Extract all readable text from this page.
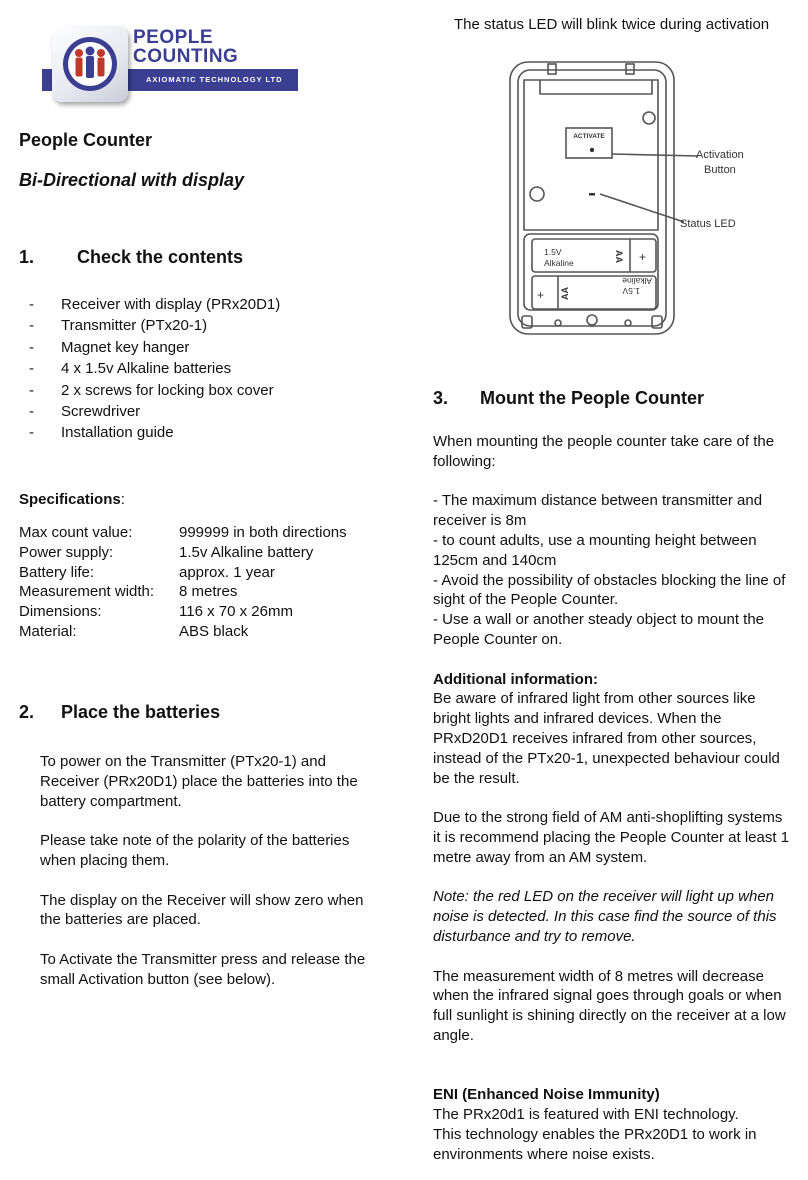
AXIOMATIC TECHNOLOGY LTD
PEOPLE
COUNTING
People Counter
Bi-Directional with display
1. Check the contents
- Receiver with display (PRx20D1)
- Transmitter (PTx20-1)
- Magnet key hanger
- 4 x 1.5v Alkaline batteries
- 2 x screws for locking box cover
- Screwdriver
- Installation guide
Specifications:
Max count value:	999999 in both directions
Power supply:	1.5v Alkaline battery
Battery life:	approx. 1 year
Measurement width: 8 metres
Dimensions:	116 x 70 x 26mm
Material:	ABS black
2. Place the batteries
To power on the Transmitter (PTx20-1) and
Receiver (PRx20D1) place the batteries into the
battery compartment.
Please take note of the polarity of the batteries
when placing them.
The display on the Receiver will show zero when
the batteries are placed.
To Activate the Transmitter press and release the
small Activation button (see below).
The status LED will blink twice during activation
ACTIVATE
Activation
Button
Status LED
1.5V
Alkaline	AA +
1.5V
Alkaline
AA
+
3. Mount the People Counter
When mounting the people counter take care of the
following:
- The maximum distance between transmitter and
receiver is 8m
- to count adults, use a mounting height between
125cm and 140cm
- Avoid the possibility of obstacles blocking the line of
sight of the People Counter.
- Use a wall or another steady object to mount the
People Counter on.
Additional information:
Be aware of infrared light from other sources like
bright lights and infrared devices. When the
PRxD20D1 receives infrared from other sources,
instead of the PTx20-1, unexpected behaviour could
be the result.
Due to the strong field of AM anti-shoplifting systems
it is recommend placing the People Counter at least 1
metre away from an AM system.
Note: the red LED on the receiver will light up when
noise is detected. In this case find the source of this
disturbance and try to remove.
The measurement width of 8 metres will decrease
when the infrared signal goes through goals or when
full sunlight is shining directly on the receiver at a low
angle.
ENI (Enhanced Noise Immunity)
The PRx20d1 is featured with ENI technology.
This technology enables the PRx20D1 to work in
environments where noise exists.
